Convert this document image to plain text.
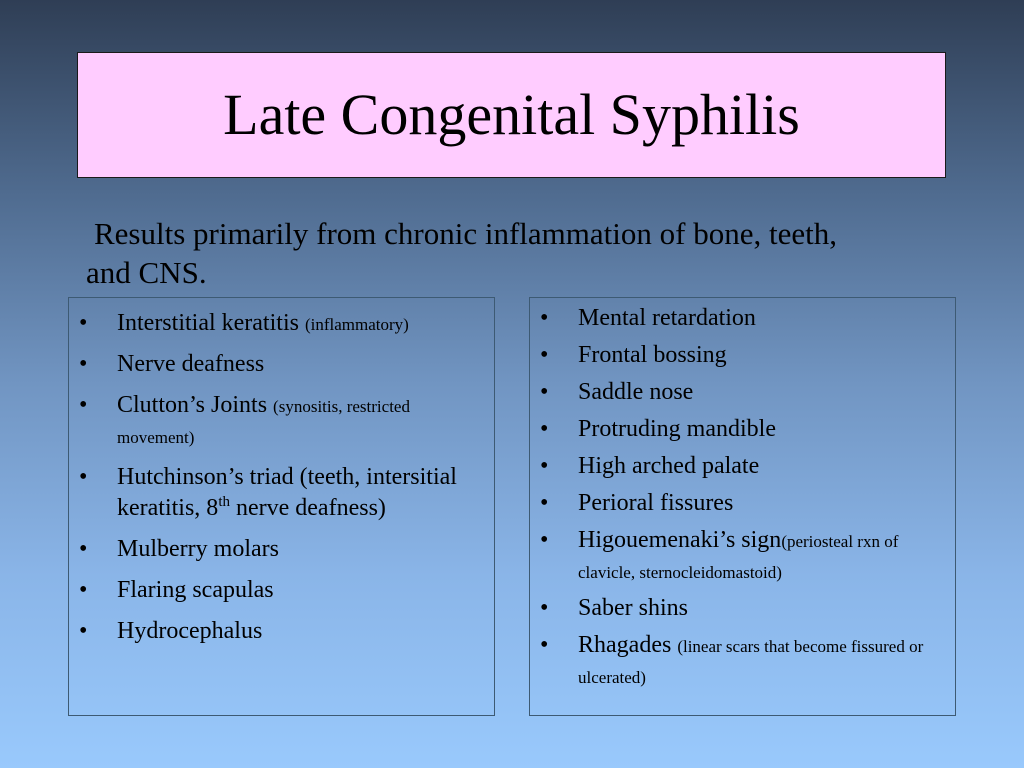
Late Congenital Syphilis
Results primarily from chronic inflammation of bone, teeth,
and CNS.
• Interstitial keratitis (inflammatory)
• Nerve deafness
• Clutton’s Joints (synositis, restricted movement)
• Hutchinson’s triad (teeth, intersitial keratitis, 8th nerve deafness)
• Mulberry molars
• Flaring scapulas
• Hydrocephalus
• Mental retardation
• Frontal bossing
• Saddle nose
• Protruding mandible
• High arched palate
• Perioral fissures
• Higouemenaki’s sign(periosteal rxn of clavicle, sternocleidomastoid)
• Saber shins
• Rhagades (linear scars that become fissured or ulcerated)
